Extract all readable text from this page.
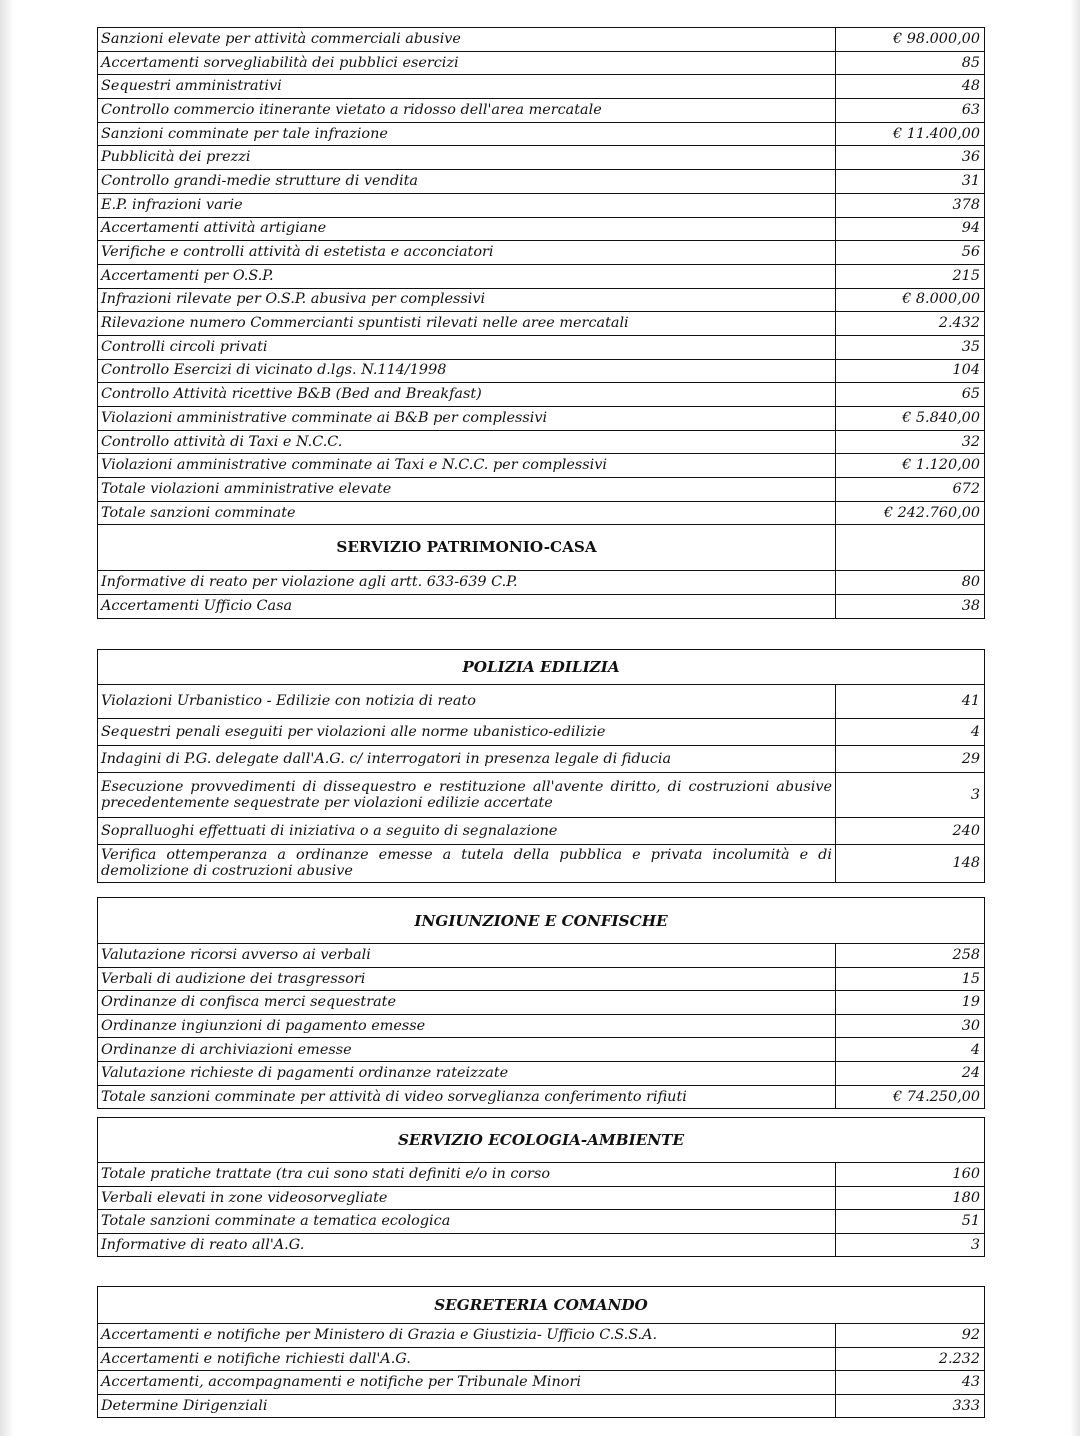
Sanzioni elevate per attività commerciali abusive	€ 98.000,00
Accertamenti sorvegliabilità dei pubblici esercizi	85
Sequestri amministrativi	48
Controllo commercio itinerante vietato a ridosso dell'area mercatale	63
Sanzioni comminate per tale infrazione	€ 11.400,00
Pubblicità dei prezzi	36
Controllo grandi-medie strutture di vendita	31
E.P. infrazioni varie	378
Accertamenti attività artigiane	94
Verifiche e controlli attività di estetista e acconciatori	56
Accertamenti per O.S.P.	215
Infrazioni rilevate per O.S.P. abusiva per complessivi	€ 8.000,00
Rilevazione numero Commercianti spuntisti rilevati nelle aree mercatali	2.432
Controlli circoli privati	35
Controllo Esercizi di vicinato d.lgs. N.114/1998	104
Controllo Attività ricettive B&B (Bed and Breakfast)	65
Violazioni amministrative comminate ai B&B per complessivi	€ 5.840,00
Controllo attività di Taxi e N.C.C.	32
Violazioni amministrative comminate ai Taxi e N.C.C. per complessivi	€ 1.120,00
Totale violazioni amministrative elevate	672
Totale sanzioni comminate	€ 242.760,00
SERVIZIO PATRIMONIO-CASA	
Informative di reato per violazione agli artt. 633-639 C.P.	80
Accertamenti Ufficio Casa	38
POLIZIA EDILIZIA	
Violazioni Urbanistico - Edilizie con notizia di reato	41
Sequestri penali eseguiti per violazioni alle norme ubanistico-edilizie	4
Indagini di P.G. delegate dall'A.G. c/ interrogatori in presenza legale di fiducia	29
Esecuzione provvedimenti di dissequestro e restituzione all'avente diritto, di costruzioni abusive precedentemente sequestrate per violazioni edilizie accertate	3
Sopralluoghi effettuati di iniziativa o a seguito di segnalazione	240
Verifica ottemperanza a ordinanze emesse a tutela della pubblica e privata incolumità e di demolizione di costruzioni abusive	148
INGIUNZIONE E CONFISCHE	
Valutazione ricorsi avverso ai verbali	258
Verbali di audizione dei trasgressori	15
Ordinanze di confisca merci sequestrate	19
Ordinanze ingiunzioni di pagamento emesse	30
Ordinanze di archiviazioni emesse	4
Valutazione richieste di pagamenti ordinanze rateizzate	24
Totale sanzioni comminate per attività di video sorveglianza conferimento rifiuti	€ 74.250,00
SERVIZIO ECOLOGIA-AMBIENTE	
Totale pratiche trattate (tra cui sono stati definiti e/o in corso	160
Verbali elevati in zone videosorvegliate	180
Totale sanzioni comminate a tematica ecologica	51
Informative di reato all'A.G.	3
SEGRETERIA COMANDO	
Accertamenti e notifiche per Ministero di Grazia e Giustizia- Ufficio C.S.S.A.	92
Accertamenti e notifiche richiesti dall'A.G.	2.232
Accertamenti, accompagnamenti e notifiche per Tribunale Minori	43
Determine Dirigenziali	333
